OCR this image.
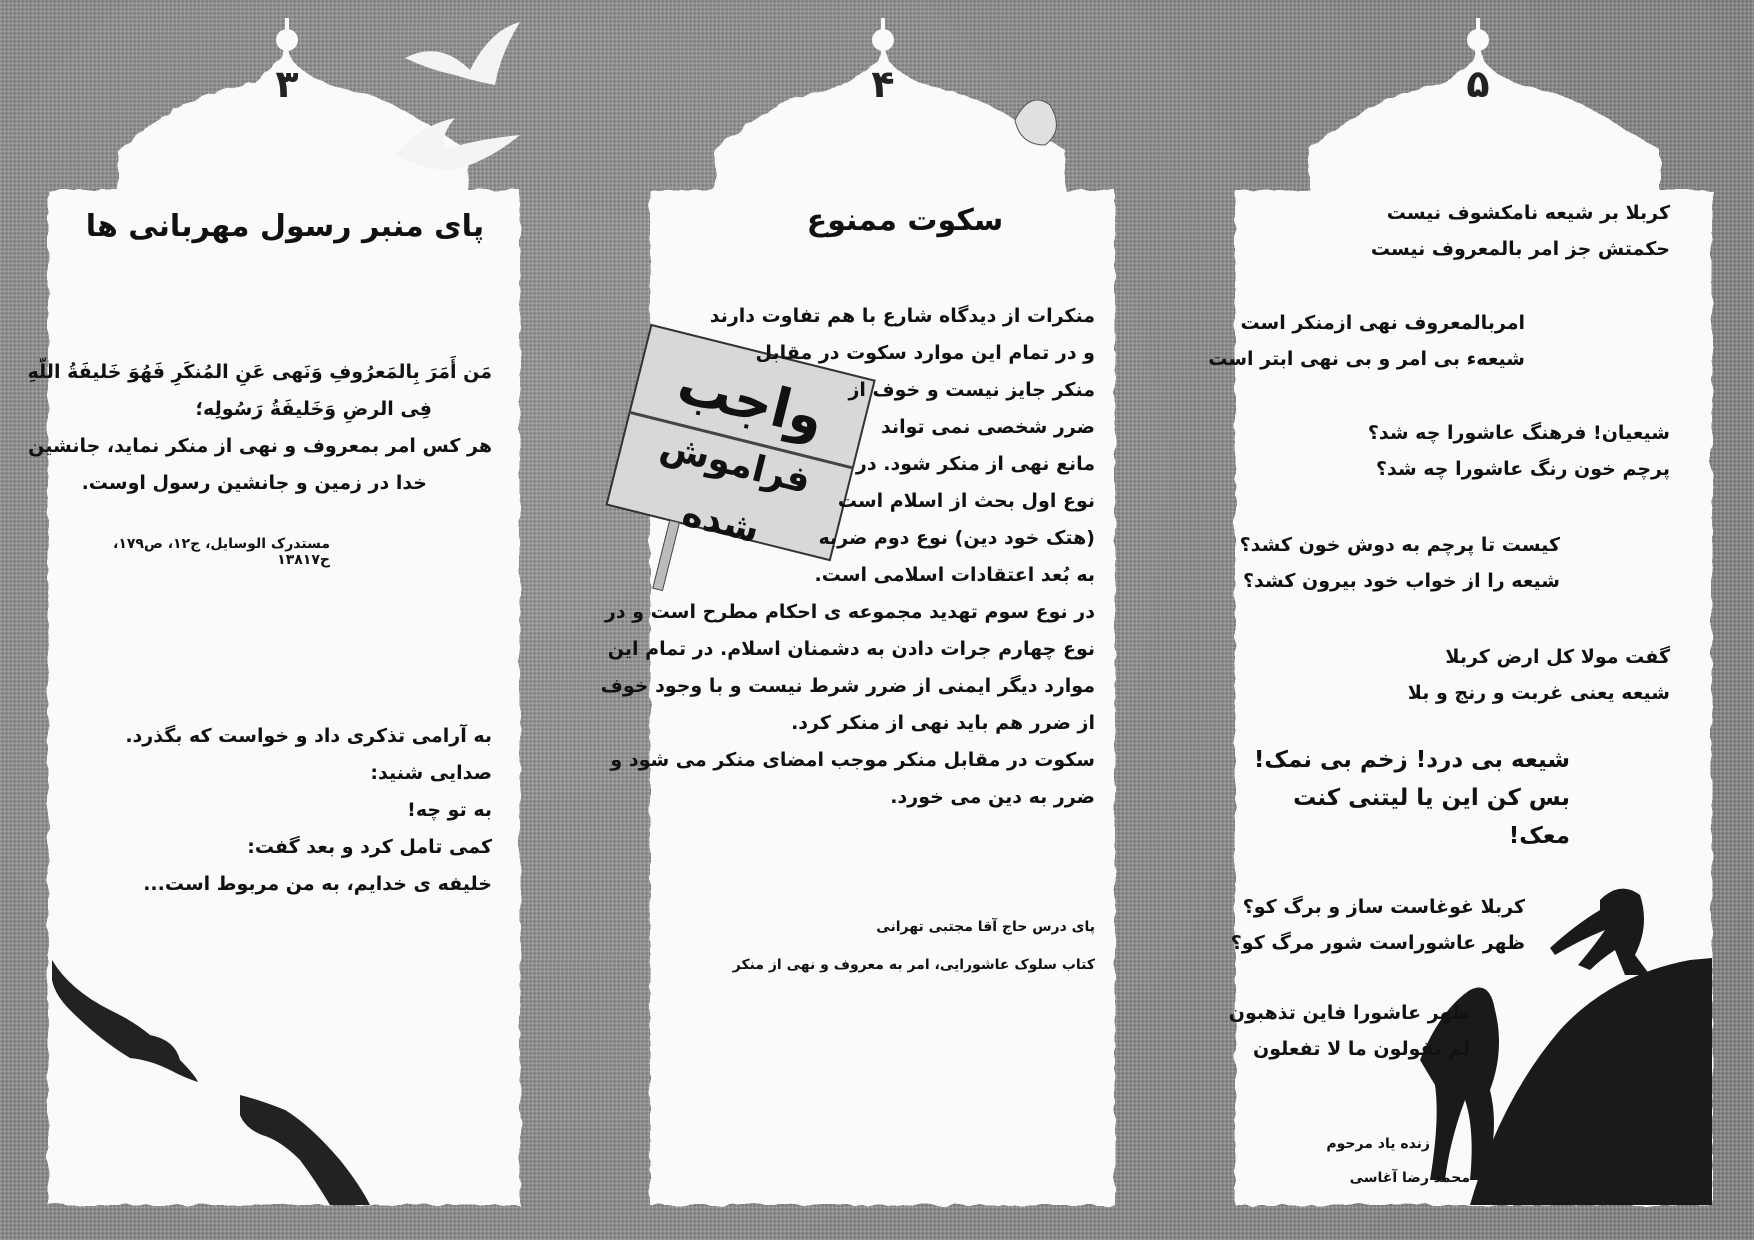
۳	۴	۵
پای منبر رسول مهربانی ها
مَن أَمَرَ بِالمَعرُوفِ وَنَهی عَنِ المُنکَرِ فَهُوَ خَلیفَةُ اللّهِ
فِی الرضِ وَخَلیفَةُ رَسُولِه؛
هر کس امر بمعروف و نهی از منکر نماید، جانشین
خدا در زمین و جانشین رسول اوست.
مستدرک الوسایل، ج۱۲، ص۱۷۹، ح۱۳۸۱۷
به آرامی تذکری داد و خواست که بگذرد.
صدایی شنید:
به تو چه!
کمی تامل کرد و بعد گفت:
خلیفه ی خدایم، به من مربوط است...
سکوت ممنوع
منکرات از دیدگاه شارع با هم تفاوت دارند
و در تمام این موارد سکوت در مقابل
منکر جایز نیست و خوف از
ضرر شخصی نمی تواند
مانع نهی از منکر شود. در
نوع اول بحث از اسلام است
(هتک خود دین) نوع دوم ضربه
به بُعد اعتقادات اسلامی است.
در نوع سوم تهدید مجموعه ی احکام مطرح است و در
نوع چهارم جرات دادن به دشمنان اسلام. در تمام این
موارد دیگر ایمنی از ضرر شرط نیست و با وجود خوف
از ضرر هم باید نهی از منکر کرد.
سکوت در مقابل منکر موجب امضای منکر می شود و
ضرر به دین می خورد.
پای درس حاج آقا مجتبی تهرانی
کتاب سلوک عاشورایی، امر به معروف و نهی از منکر
واجب
فراموش شده
کربلا بر شیعه نامکشوف نیست
حکمتش جز امر بالمعروف نیست
امربالمعروف نهی ازمنکر است
شیعهء بی امر و بی نهی ابتر است
شیعیان! فرهنگ عاشورا چه شد؟
پرچم خون رنگ عاشورا چه شد؟
کیست تا پرچم به دوش خون کشد؟
شیعه را از خواب خود بیرون کشد؟
گفت مولا کل ارض کربلا
شیعه یعنی غربت و رنج و بلا
شیعه بی درد! زخم بی نمک!
بس کن این یا لیتنی کنت معک!
کربلا غوغاست ساز و برگ کو؟
ظهر عاشوراست شور مرگ کو؟
ظهر عاشورا فاین تذهبون
لم تقولون ما لا تفعلون
زنده یاد مرحوم
محمد رضا آغاسی
